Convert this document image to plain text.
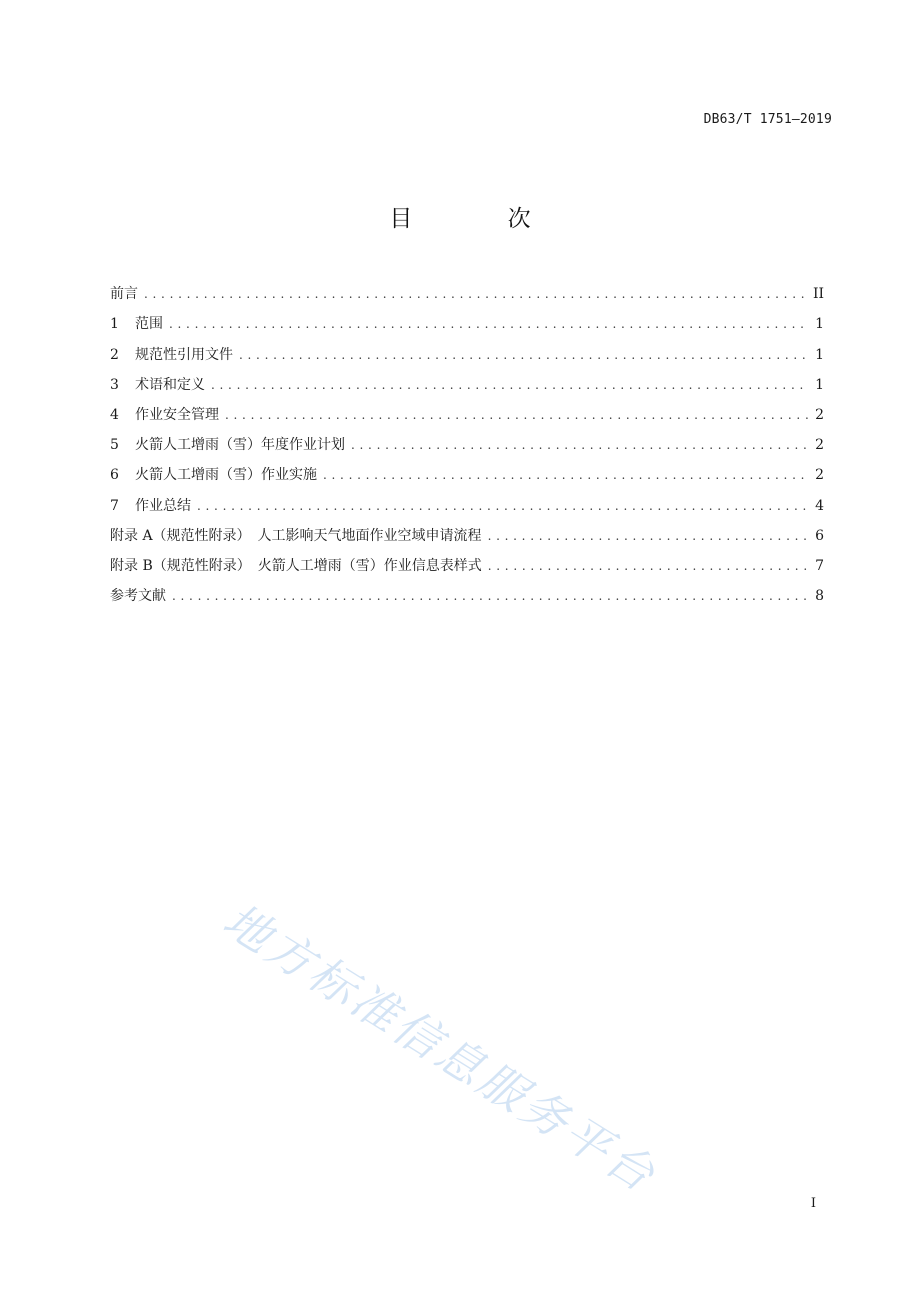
DB63/T 1751—2019
目 次
前言 . . .	II
1	范围 . . .	1
2	规范性引用文件 . . .	1
3	术语和定义 . . .	1
4	作业安全管理 . . .	2
5	火箭人工增雨（雪）年度作业计划 . . .	2
6	火箭人工增雨（雪）作业实施 . . .	2
7	作业总结 . . .	4
附录 A（规范性附录）　人工影响天气地面作业空域申请流程 . . .	6
附录 B（规范性附录）　火箭人工增雨（雪）作业信息表样式 . . .	7
参考文献 . . .	8
地方标准信息服务平台
I
